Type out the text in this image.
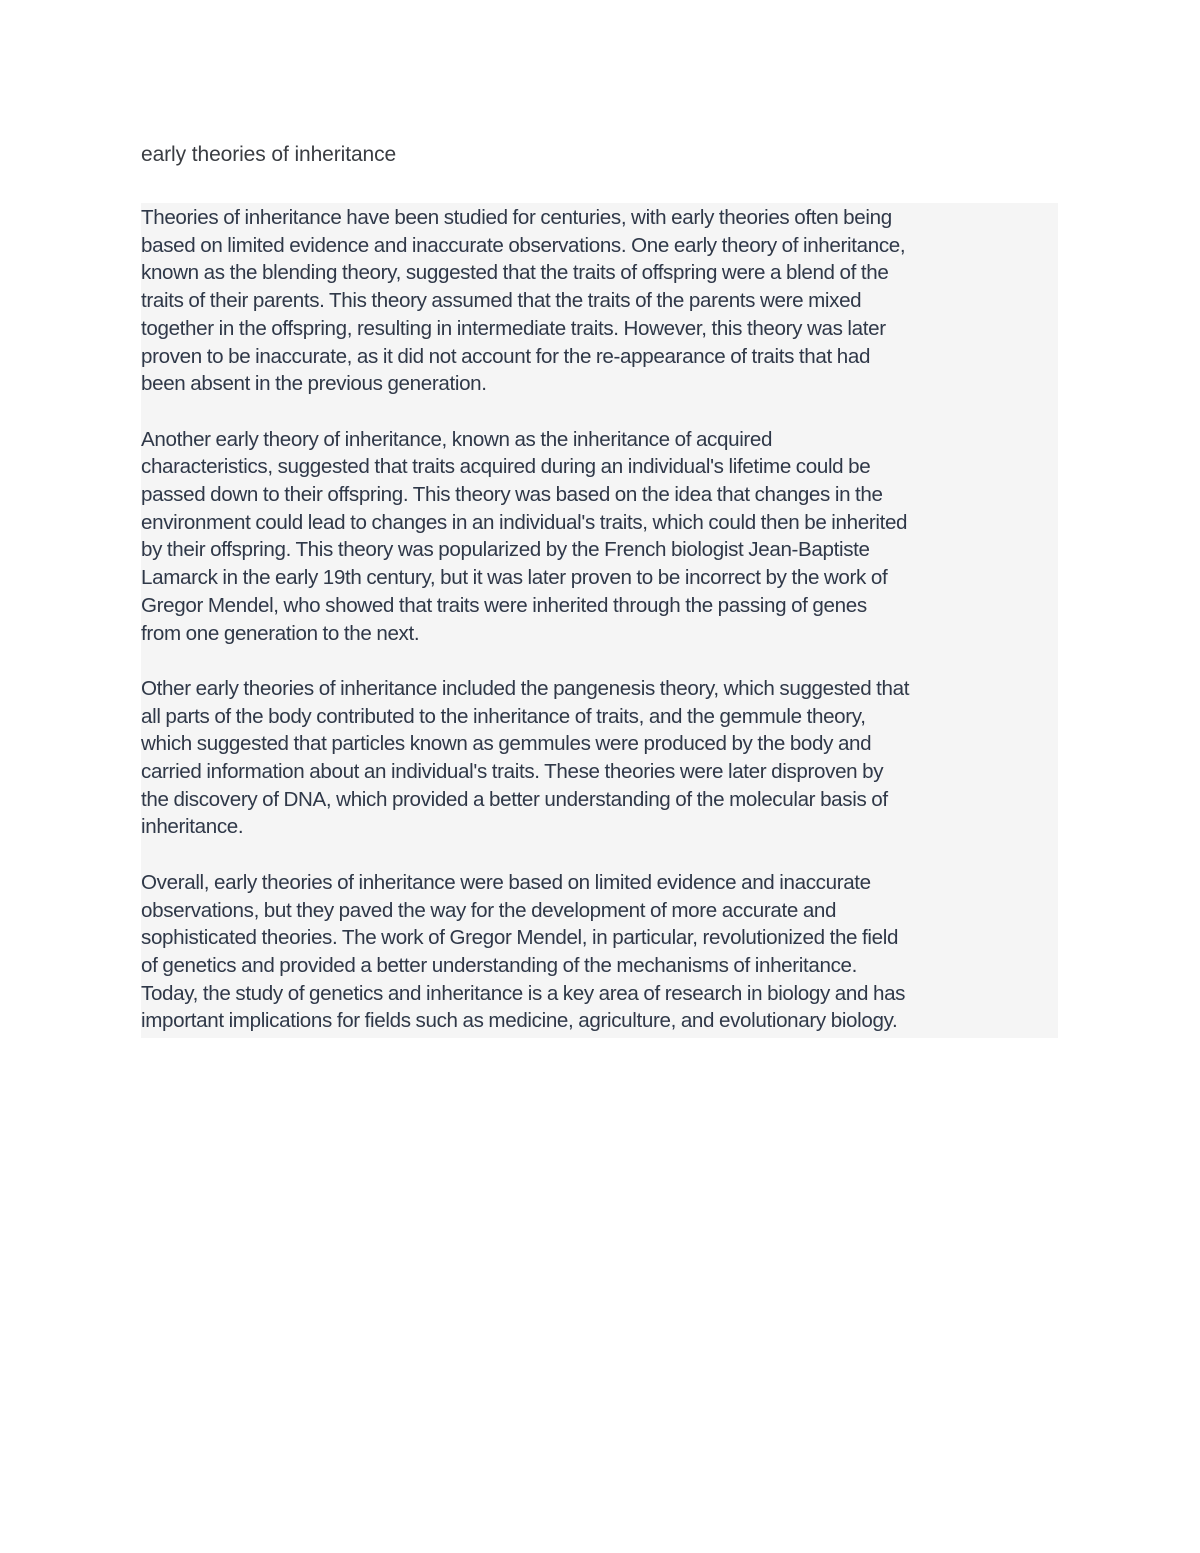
early theories of inheritance

Theories of inheritance have been studied for centuries, with early theories often being
based on limited evidence and inaccurate observations. One early theory of inheritance,
known as the blending theory, suggested that the traits of offspring were a blend of the
traits of their parents. This theory assumed that the traits of the parents were mixed
together in the offspring, resulting in intermediate traits. However, this theory was later
proven to be inaccurate, as it did not account for the re-appearance of traits that had
been absent in the previous generation.

Another early theory of inheritance, known as the inheritance of acquired
characteristics, suggested that traits acquired during an individual's lifetime could be
passed down to their offspring. This theory was based on the idea that changes in the
environment could lead to changes in an individual's traits, which could then be inherited
by their offspring. This theory was popularized by the French biologist Jean-Baptiste
Lamarck in the early 19th century, but it was later proven to be incorrect by the work of
Gregor Mendel, who showed that traits were inherited through the passing of genes
from one generation to the next.

Other early theories of inheritance included the pangenesis theory, which suggested that
all parts of the body contributed to the inheritance of traits, and the gemmule theory,
which suggested that particles known as gemmules were produced by the body and
carried information about an individual's traits. These theories were later disproven by
the discovery of DNA, which provided a better understanding of the molecular basis of
inheritance.

Overall, early theories of inheritance were based on limited evidence and inaccurate
observations, but they paved the way for the development of more accurate and
sophisticated theories. The work of Gregor Mendel, in particular, revolutionized the field
of genetics and provided a better understanding of the mechanisms of inheritance.
Today, the study of genetics and inheritance is a key area of research in biology and has
important implications for fields such as medicine, agriculture, and evolutionary biology.
